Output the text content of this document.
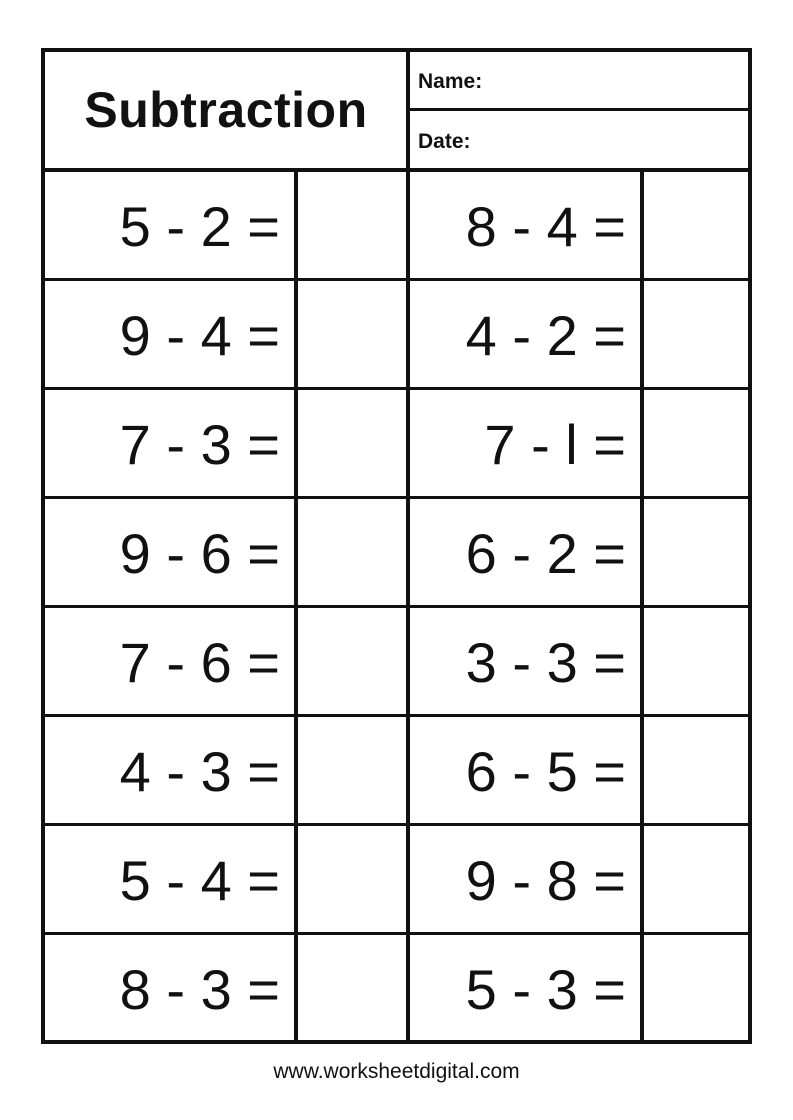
Subtraction
Name:
Date:
5 - 2 =	8 - 4 =
9 - 4 =	4 - 2 =
7 - 3 =	7 - l =
9 - 6 =	6 - 2 =
7 - 6 =	3 - 3 =
4 - 3 =	6 - 5 =
5 - 4 =	9 - 8 =
8 - 3 =	5 - 3 =
www.worksheetdigital.com
